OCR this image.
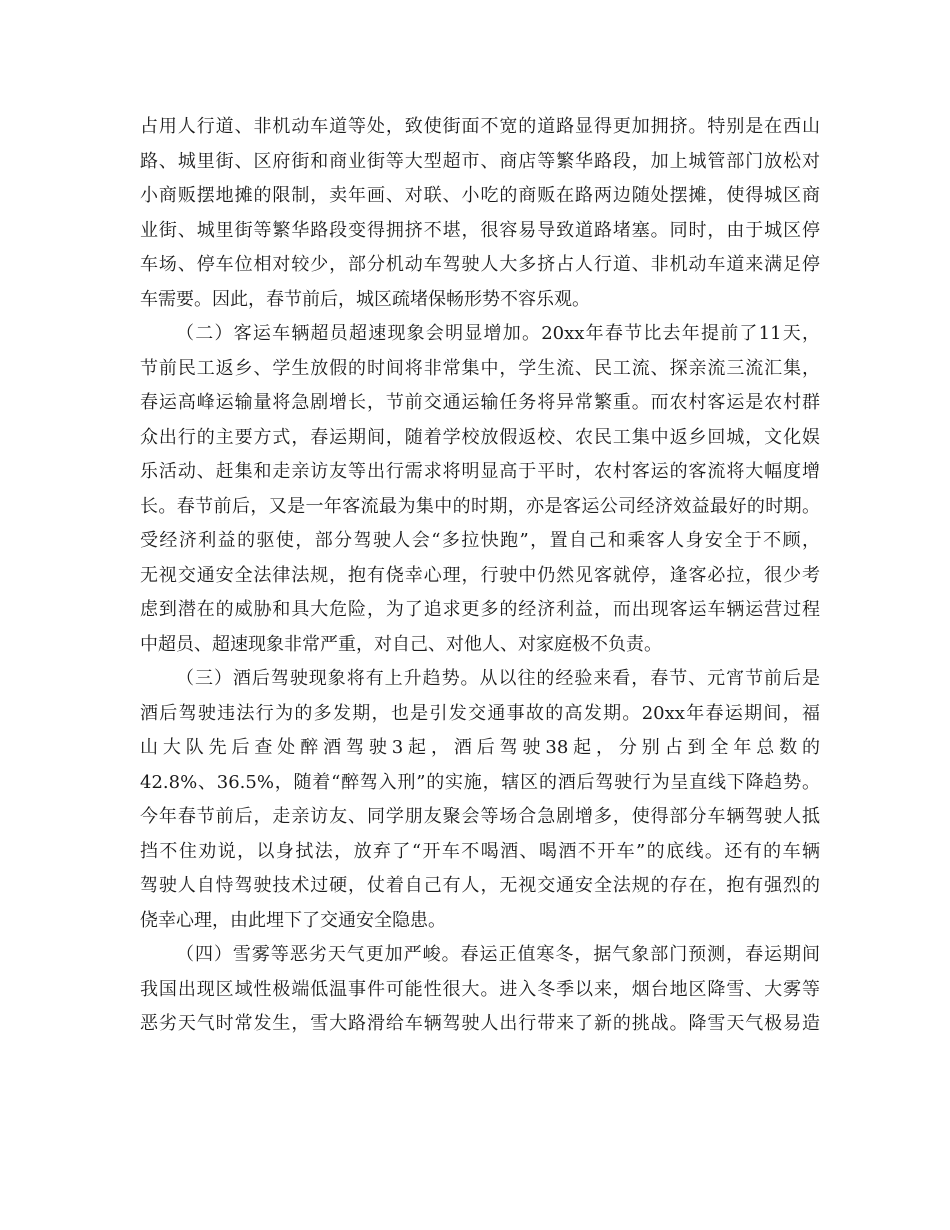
占用人行道、非机动车道等处，致使街面不宽的道路显得更加拥挤。特别是在西山
路、城里街、区府街和商业街等大型超市、商店等繁华路段，加上城管部门放松对
小商贩摆地摊的限制，卖年画、对联、小吃的商贩在路两边随处摆摊，使得城区商
业街、城里街等繁华路段变得拥挤不堪，很容易导致道路堵塞。同时，由于城区停
车场、停车位相对较少，部分机动车驾驶人大多挤占人行道、非机动车道来满足停
车需要。因此，春节前后，城区疏堵保畅形势不容乐观。
（二）客运车辆超员超速现象会明显增加。20xx年春节比去年提前了11天，
节前民工返乡、学生放假的时间将非常集中，学生流、民工流、探亲流三流汇集，
春运高峰运输量将急剧增长，节前交通运输任务将异常繁重。而农村客运是农村群
众出行的主要方式，春运期间，随着学校放假返校、农民工集中返乡回城，文化娱
乐活动、赶集和走亲访友等出行需求将明显高于平时，农村客运的客流将大幅度增
长。春节前后，又是一年客流最为集中的时期，亦是客运公司经济效益最好的时期。
受经济利益的驱使，部分驾驶人会“多拉快跑”，置自己和乘客人身安全于不顾，
无视交通安全法律法规，抱有侥幸心理，行驶中仍然见客就停，逢客必拉，很少考
虑到潜在的威胁和具大危险，为了追求更多的经济利益，而出现客运车辆运营过程
中超员、超速现象非常严重，对自己、对他人、对家庭极不负责。
（三）酒后驾驶现象将有上升趋势。从以往的经验来看，春节、元宵节前后是
酒后驾驶违法行为的多发期，也是引发交通事故的高发期。20xx年春运期间，福
山大队先后查处醉酒驾驶3起，酒后驾驶38起，分别占到全年总数的
42.8%、36.5%，随着“醉驾入刑”的实施，辖区的酒后驾驶行为呈直线下降趋势。
今年春节前后，走亲访友、同学朋友聚会等场合急剧增多，使得部分车辆驾驶人抵
挡不住劝说，以身拭法，放弃了“开车不喝酒、喝酒不开车”的底线。还有的车辆
驾驶人自恃驾驶技术过硬，仗着自己有人，无视交通安全法规的存在，抱有强烈的
侥幸心理，由此埋下了交通安全隐患。
（四）雪雾等恶劣天气更加严峻。春运正值寒冬，据气象部门预测，春运期间
我国出现区域性极端低温事件可能性很大。进入冬季以来，烟台地区降雪、大雾等
恶劣天气时常发生，雪大路滑给车辆驾驶人出行带来了新的挑战。降雪天气极易造
